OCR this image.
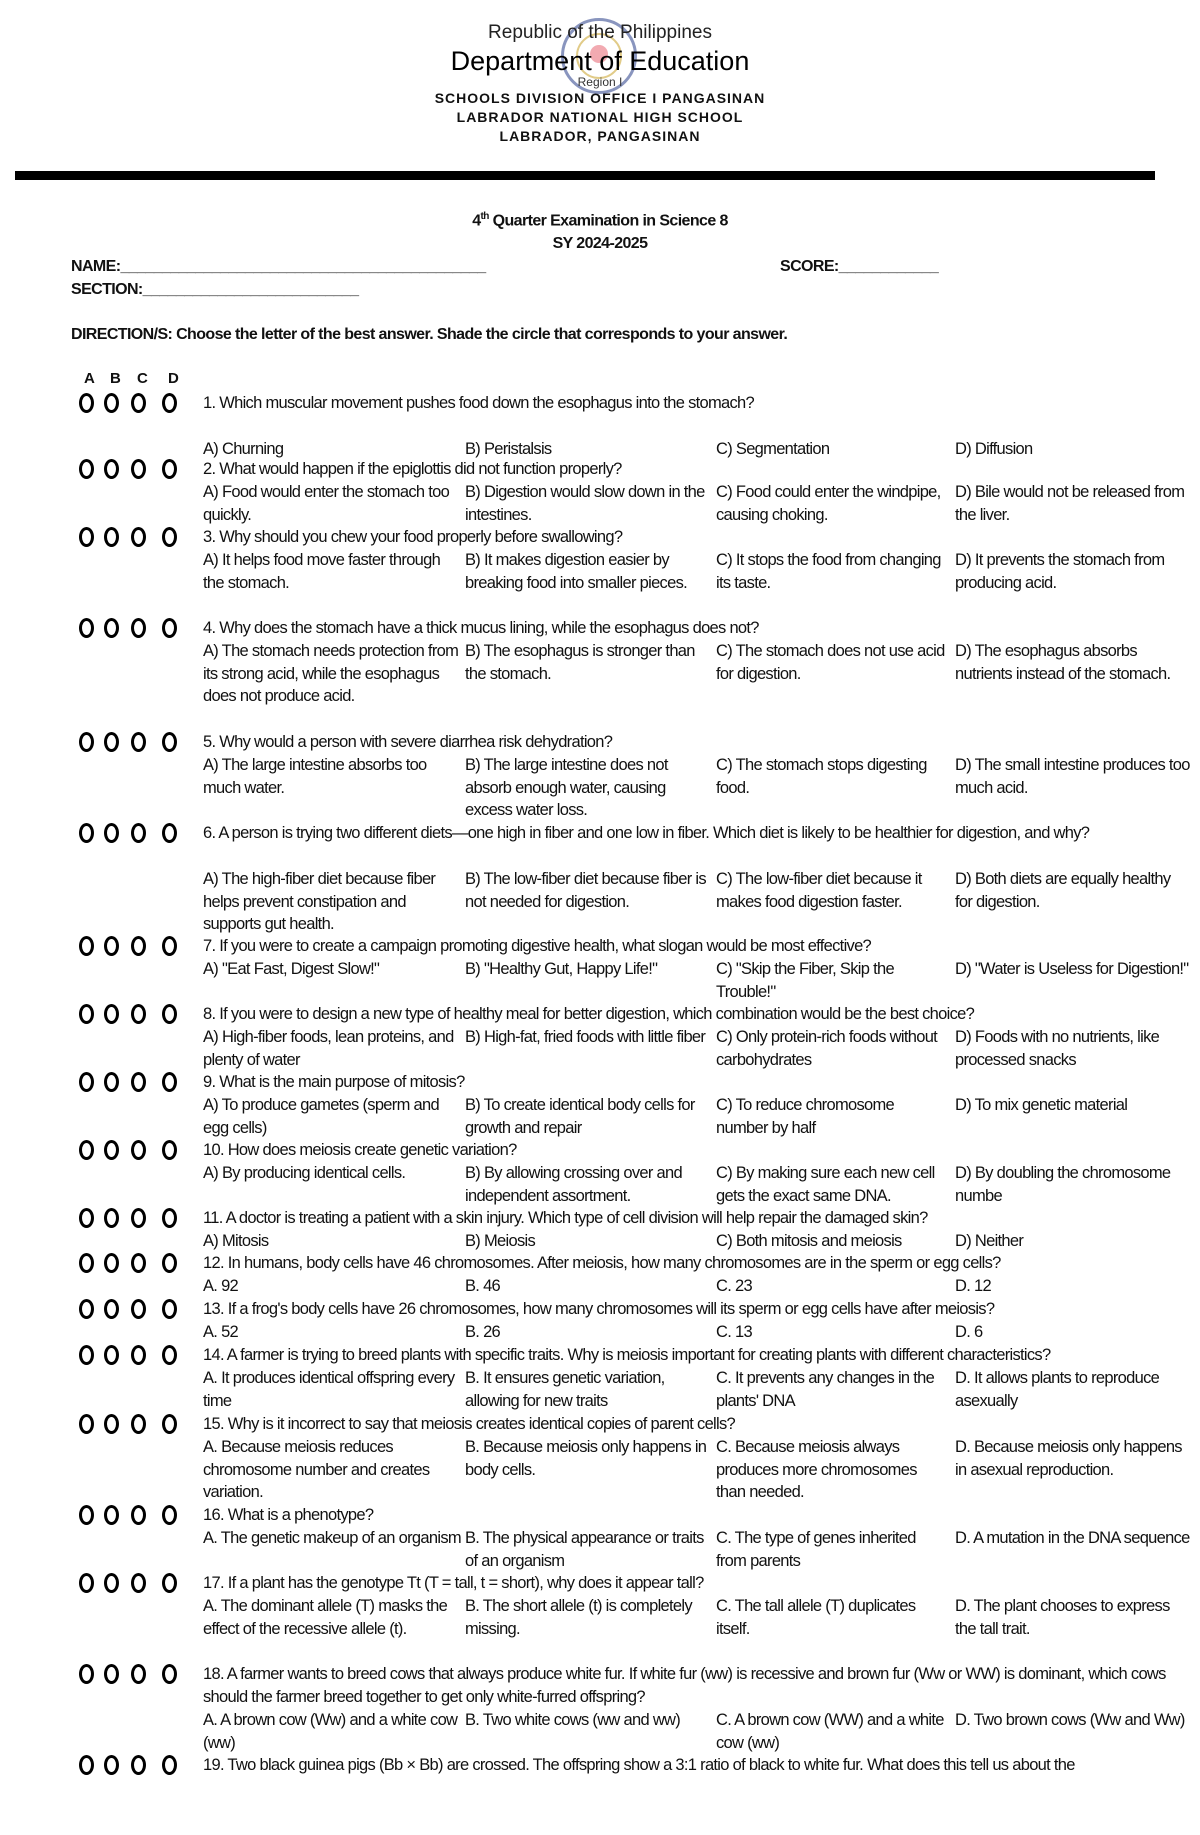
Republic of the Philippines
Department of Education
Region I
SCHOOLS DIVISION OFFICE I PANGASINAN
LABRADOR NATIONAL HIGH SCHOOL
LABRADOR, PANGASINAN
4th Quarter Examination in Science 8
SY 2024-2025
NAME:____________________________________________	SCORE:____________
SECTION:__________________________
DIRECTION/S: Choose the letter of the best answer. Shade the circle that corresponds to your answer.
A B C D
1. Which muscular movement pushes food down the esophagus into the stomach?
A) Churning	B) Peristalsis	C) Segmentation	D) Diffusion
2. What would happen if the epiglottis did not function properly?
A) Food would enter the stomach too quickly.
B) Digestion would slow down in the intestines.
C) Food could enter the windpipe, causing choking.
D) Bile would not be released from the liver.
3. Why should you chew your food properly before swallowing?
A) It helps food move faster through the stomach.
B) It makes digestion easier by breaking food into smaller pieces.
C) It stops the food from changing its taste.
D) It prevents the stomach from producing acid.
4. Why does the stomach have a thick mucus lining, while the esophagus does not?
A) The stomach needs protection from its strong acid, while the esophagus does not produce acid.
B) The esophagus is stronger than the stomach.
C) The stomach does not use acid for digestion.
D) The esophagus absorbs nutrients instead of the stomach.
5. Why would a person with severe diarrhea risk dehydration?
A) The large intestine absorbs too much water.
B) The large intestine does not absorb enough water, causing excess water loss.
C) The stomach stops digesting food.
D) The small intestine produces too much acid.
6. A person is trying two different diets—one high in fiber and one low in fiber. Which diet is likely to be healthier for digestion, and why?
A) The high-fiber diet because fiber helps prevent constipation and supports gut health.
B) The low-fiber diet because fiber is not needed for digestion.
C) The low-fiber diet because it makes food digestion faster.
D) Both diets are equally healthy for digestion.
7. If you were to create a campaign promoting digestive health, what slogan would be most effective?
A) "Eat Fast, Digest Slow!"	B) "Healthy Gut, Happy Life!"	C) "Skip the Fiber, Skip the Trouble!"
D) "Water is Useless for Digestion!"
8. If you were to design a new type of healthy meal for better digestion, which combination would be the best choice?
A) High-fiber foods, lean proteins, and plenty of water
B) High-fat, fried foods with little fiber C) Only protein-rich foods without carbohydrates
D) Foods with no nutrients, like processed snacks
9. What is the main purpose of mitosis?
A) To produce gametes (sperm and egg cells)
B) To create identical body cells for growth and repair
C) To reduce chromosome number by half
D) To mix genetic material
10. How does meiosis create genetic variation?
A) By producing identical cells.	B) By allowing crossing over and independent assortment.
C) By making sure each new cell gets the exact same DNA.
D) By doubling the chromosome numbe
11. A doctor is treating a patient with a skin injury. Which type of cell division will help repair the damaged skin?
A) Mitosis	B) Meiosis	C) Both mitosis and meiosis	D) Neither
12. In humans, body cells have 46 chromosomes. After meiosis, how many chromosomes are in the sperm or egg cells?
A. 92	B. 46	C. 23	D. 12
13. If a frog's body cells have 26 chromosomes, how many chromosomes will its sperm or egg cells have after meiosis?
A. 52	B. 26	C. 13	D. 6
14. A farmer is trying to breed plants with specific traits. Why is meiosis important for creating plants with different characteristics?
A. It produces identical offspring every time
B. It ensures genetic variation, allowing for new traits
C. It prevents any changes in the plants' DNA
D. It allows plants to reproduce asexually
15. Why is it incorrect to say that meiosis creates identical copies of parent cells?
A. Because meiosis reduces chromosome number and creates variation.
B. Because meiosis only happens in body cells.
C. Because meiosis always produces more chromosomes than needed.
D. Because meiosis only happens in asexual reproduction.
16. What is a phenotype?
A. The genetic makeup of an organism B. The physical appearance or traits of an organism
C. The type of genes inherited from parents
D. A mutation in the DNA sequence
17. If a plant has the genotype Tt (T = tall, t = short), why does it appear tall?
A. The dominant allele (T) masks the effect of the recessive allele (t).
B. The short allele (t) is completely missing.
C. The tall allele (T) duplicates itself.
D. The plant chooses to express the tall trait.
18. A farmer wants to breed cows that always produce white fur. If white fur (ww) is recessive and brown fur (Ww or WW) is dominant, which cows should the farmer breed together to get only white-furred offspring?
A. A brown cow (Ww) and a white cow (ww)
B. Two white cows (ww and ww)	C. A brown cow (WW) and a white cow (ww)
D. Two brown cows (Ww and Ww)
19. Two black guinea pigs (Bb × Bb) are crossed. The offspring show a 3:1 ratio of black to white fur. What does this tell us about the
